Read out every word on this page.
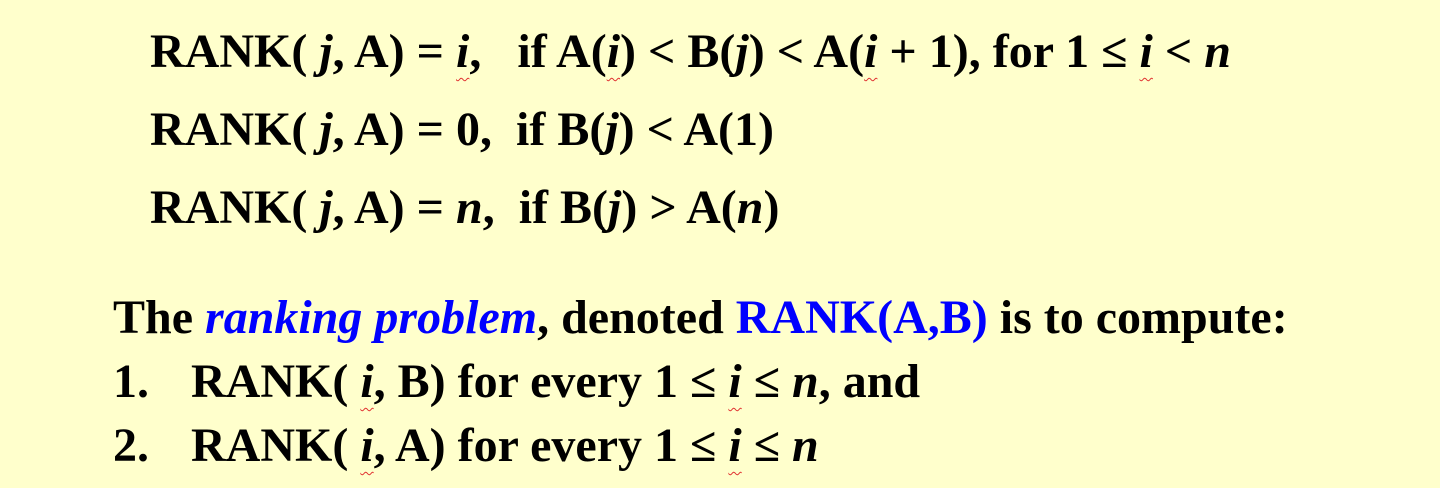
RANK( j, A) = i,   if A(i) < B(j) < A(i + 1), for 1 ≤ i < n
RANK( j, A) = 0,  if B(j) < A(1)
RANK( j, A) = n,  if B(j) > A(n)
The ranking problem, denoted RANK(A,B) is to compute:
1. RANK( i, B) for every 1 ≤ i ≤ n, and
2. RANK( i, A) for every 1 ≤ i ≤ n
